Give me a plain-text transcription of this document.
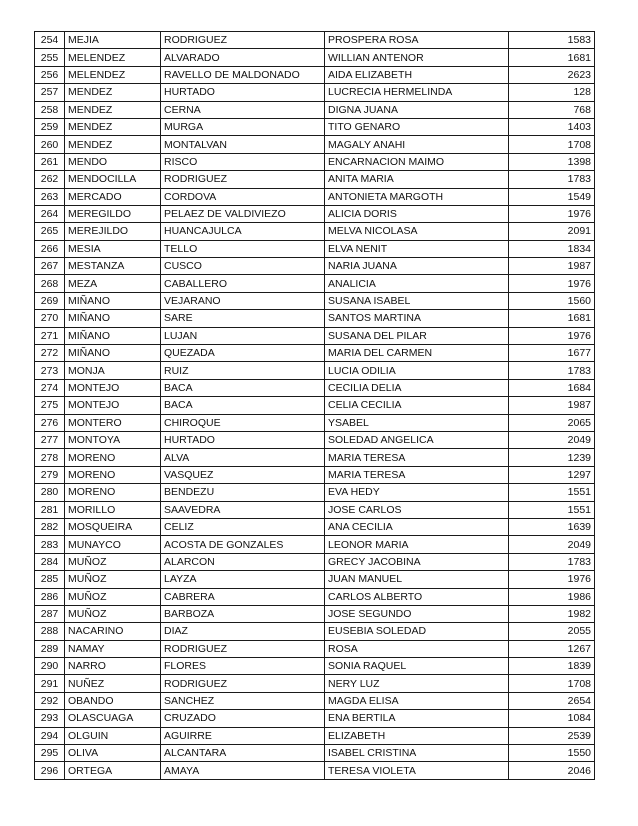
254	MEJIA	RODRIGUEZ	PROSPERA ROSA	1583
255	MELENDEZ	ALVARADO	WILLIAN ANTENOR	1681
256	MELENDEZ	RAVELLO DE MALDONADO	AIDA ELIZABETH	2623
257	MENDEZ	HURTADO	LUCRECIA HERMELINDA	128
258	MENDEZ	CERNA	DIGNA JUANA	768
259	MENDEZ	MURGA	TITO GENARO	1403
260	MENDEZ	MONTALVAN	MAGALY ANAHI	1708
261	MENDO	RISCO	ENCARNACION MAIMO	1398
262	MENDOCILLA	RODRIGUEZ	ANITA MARIA	1783
263	MERCADO	CORDOVA	ANTONIETA MARGOTH	1549
264	MEREGILDO	PELAEZ DE VALDIVIEZO	ALICIA DORIS	1976
265	MEREJILDO	HUANCAJULCA	MELVA NICOLASA	2091
266	MESIA	TELLO	ELVA NENIT	1834
267	MESTANZA	CUSCO	NARIA JUANA	1987
268	MEZA	CABALLERO	ANALICIA	1976
269	MIÑANO	VEJARANO	SUSANA ISABEL	1560
270	MIÑANO	SARE	SANTOS MARTINA	1681
271	MIÑANO	LUJAN	SUSANA DEL PILAR	1976
272	MIÑANO	QUEZADA	MARIA DEL CARMEN	1677
273	MONJA	RUIZ	LUCIA ODILIA	1783
274	MONTEJO	BACA	CECILIA DELIA	1684
275	MONTEJO	BACA	CELIA CECILIA	1987
276	MONTERO	CHIROQUE	YSABEL	2065
277	MONTOYA	HURTADO	SOLEDAD ANGELICA	2049
278	MORENO	ALVA	MARIA TERESA	1239
279	MORENO	VASQUEZ	MARIA TERESA	1297
280	MORENO	BENDEZU	EVA HEDY	1551
281	MORILLO	SAAVEDRA	JOSE CARLOS	1551
282	MOSQUEIRA	CELIZ	ANA CECILIA	1639
283	MUNAYCO	ACOSTA DE GONZALES	LEONOR MARIA	2049
284	MUÑOZ	ALARCON	GRECY JACOBINA	1783
285	MUÑOZ	LAYZA	JUAN MANUEL	1976
286	MUÑOZ	CABRERA	CARLOS ALBERTO	1986
287	MUÑOZ	BARBOZA	JOSE SEGUNDO	1982
288	NACARINO	DIAZ	EUSEBIA SOLEDAD	2055
289	NAMAY	RODRIGUEZ	ROSA	1267
290	NARRO	FLORES	SONIA RAQUEL	1839
291	NUÑEZ	RODRIGUEZ	NERY LUZ	1708
292	OBANDO	SANCHEZ	MAGDA ELISA	2654
293	OLASCUAGA	CRUZADO	ENA BERTILA	1084
294	OLGUIN	AGUIRRE	ELIZABETH	2539
295	OLIVA	ALCANTARA	ISABEL CRISTINA	1550
296	ORTEGA	AMAYA	TERESA VIOLETA	2046
